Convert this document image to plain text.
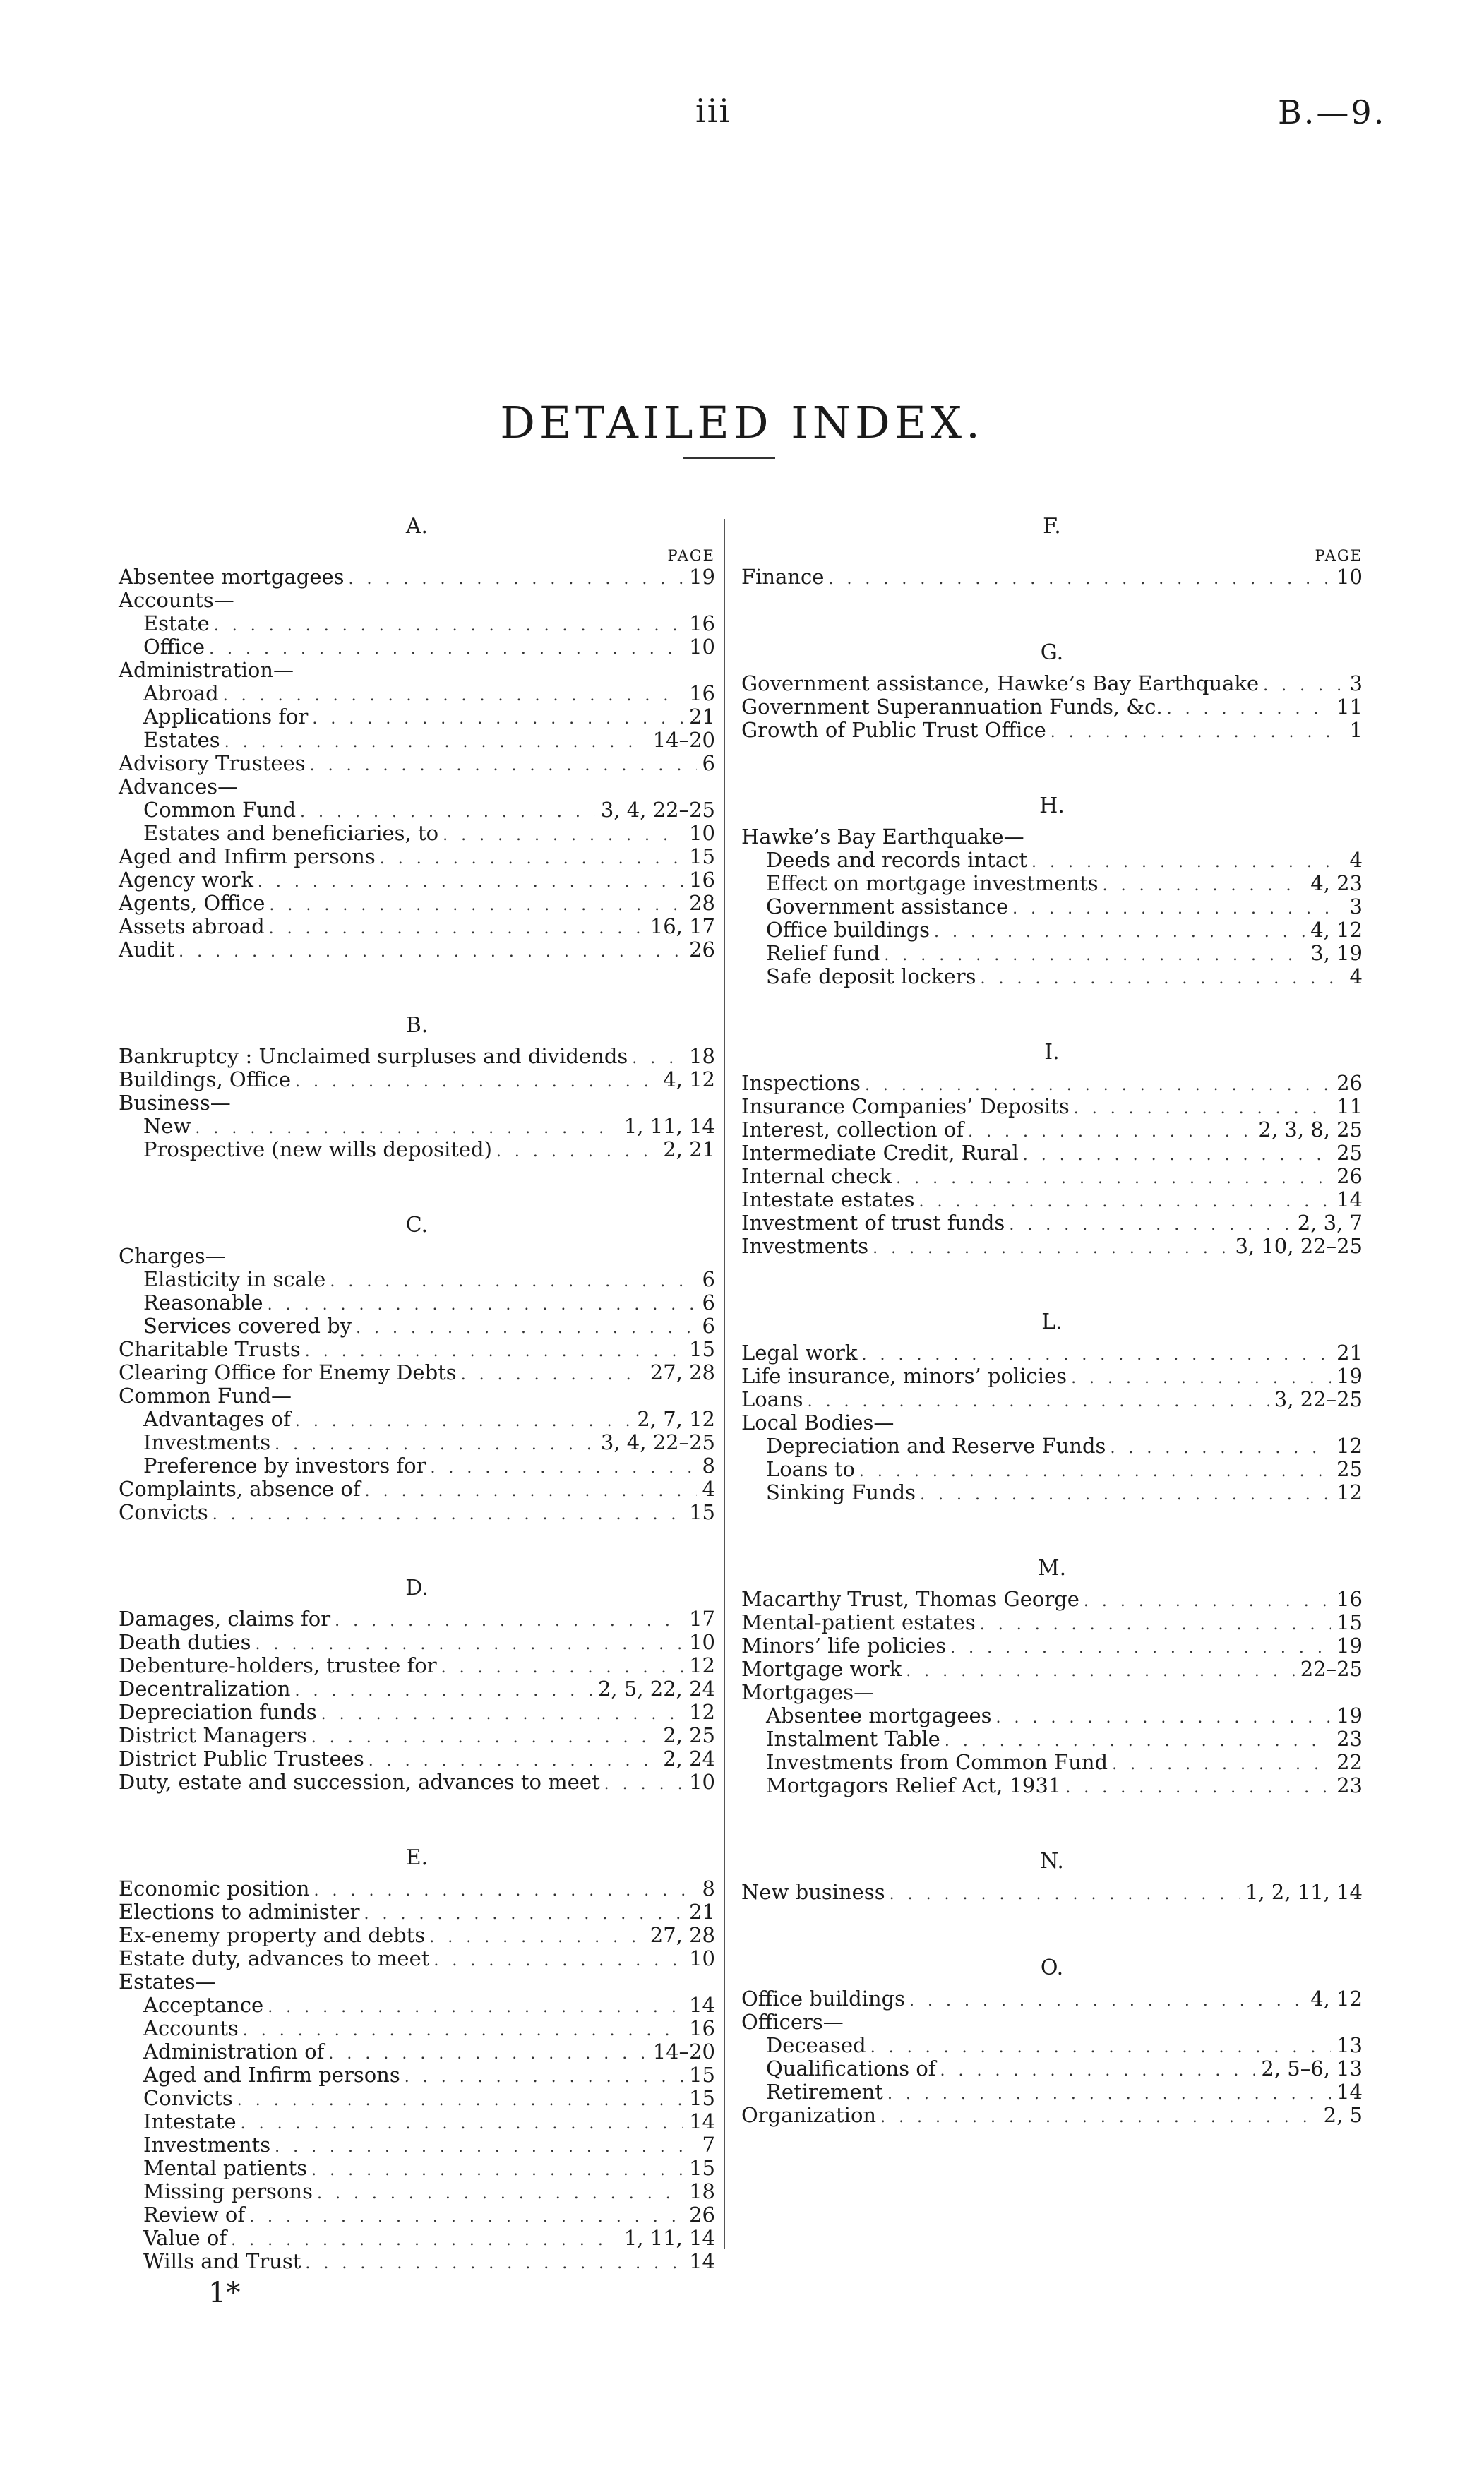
iii	B.—9.
DETAILED INDEX.
A.
PAGE
Absentee mortgagees . . .	19
Accounts—
Estate . . .	16
Office . . .	10
Administration—
Abroad . . .	16
Applications for . . .	21
Estates . . .	14–20
Advisory Trustees . . .	6
Advances—
Common Fund . . .	3, 4, 22–25
Estates and beneficiaries, to . . .	10
Aged and Infirm persons . . .	15
Agency work . . .	16
Agents, Office . . .	28
Assets abroad . . .	16, 17
Audit . . .	26
B.
Bankruptcy : Unclaimed surpluses and dividends . . .	18
Buildings, Office . . .	4, 12
Business—
New . . .	1, 11, 14
Prospective (new wills deposited) . . .	2, 21
C.
Charges—
Elasticity in scale . . .	6
Reasonable . . .	6
Services covered by . . .	6
Charitable Trusts . . .	15
Clearing Office for Enemy Debts . . .	27, 28
Common Fund—
Advantages of . . .	2, 7, 12
Investments . . .	3, 4, 22–25
Preference by investors for . . .	8
Complaints, absence of . . .	4
Convicts . . .	15
D.
Damages, claims for . . .	17
Death duties . . .	10
Debenture-holders, trustee for . . .	12
Decentralization . . .	2, 5, 22, 24
Depreciation funds . . .	12
District Managers . . .	2, 25
District Public Trustees . . .	2, 24
Duty, estate and succession, advances to meet . . .	10
E.
Economic position . . .	8
Elections to administer . . .	21
Ex-enemy property and debts . . .	27, 28
Estate duty, advances to meet . . .	10
Estates—
Acceptance . . .	14
Accounts . . .	16
Administration of . . .	14–20
Aged and Infirm persons . . .	15
Convicts . . .	15
Intestate . . .	14
Investments . . .	7
Mental patients . . .	15
Missing persons . . .	18
Review of . . .	26
Value of . . .	1, 11, 14
Wills and Trust . . .	14
F.
PAGE
Finance . . .	10
G.
Government assistance, Hawke’s Bay Earthquake . . .	3
Government Superannuation Funds, &c. . . .	11
Growth of Public Trust Office . . .	1
H.
Hawke’s Bay Earthquake—
Deeds and records intact . . .	4
Effect on mortgage investments . . .	4, 23
Government assistance . . .	3
Office buildings . . .	4, 12
Relief fund . . .	3, 19
Safe deposit lockers . . .	4
I.
Inspections . . .	26
Insurance Companies’ Deposits . . .	11
Interest, collection of . . .	2, 3, 8, 25
Intermediate Credit, Rural . . .	25
Internal check . . .	26
Intestate estates . . .	14
Investment of trust funds . . .	2, 3, 7
Investments . . .	3, 10, 22–25
L.
Legal work . . .	21
Life insurance, minors’ policies . . .	19
Loans . . .	3, 22–25
Local Bodies—
Depreciation and Reserve Funds . . .	12
Loans to . . .	25
Sinking Funds . . .	12
M.
Macarthy Trust, Thomas George . . .	16
Mental-patient estates . . .	15
Minors’ life policies . . .	19
Mortgage work . . .	22–25
Mortgages—
Absentee mortgagees . . .	19
Instalment Table . . .	23
Investments from Common Fund . . .	22
Mortgagors Relief Act, 1931 . . .	23
N.
New business . . .	1, 2, 11, 14
O.
Office buildings . . .	4, 12
Officers—
Deceased . . .	13
Qualifications of . . .	2, 5–6, 13
Retirement . . .	14
Organization . . .	2, 5
1*
